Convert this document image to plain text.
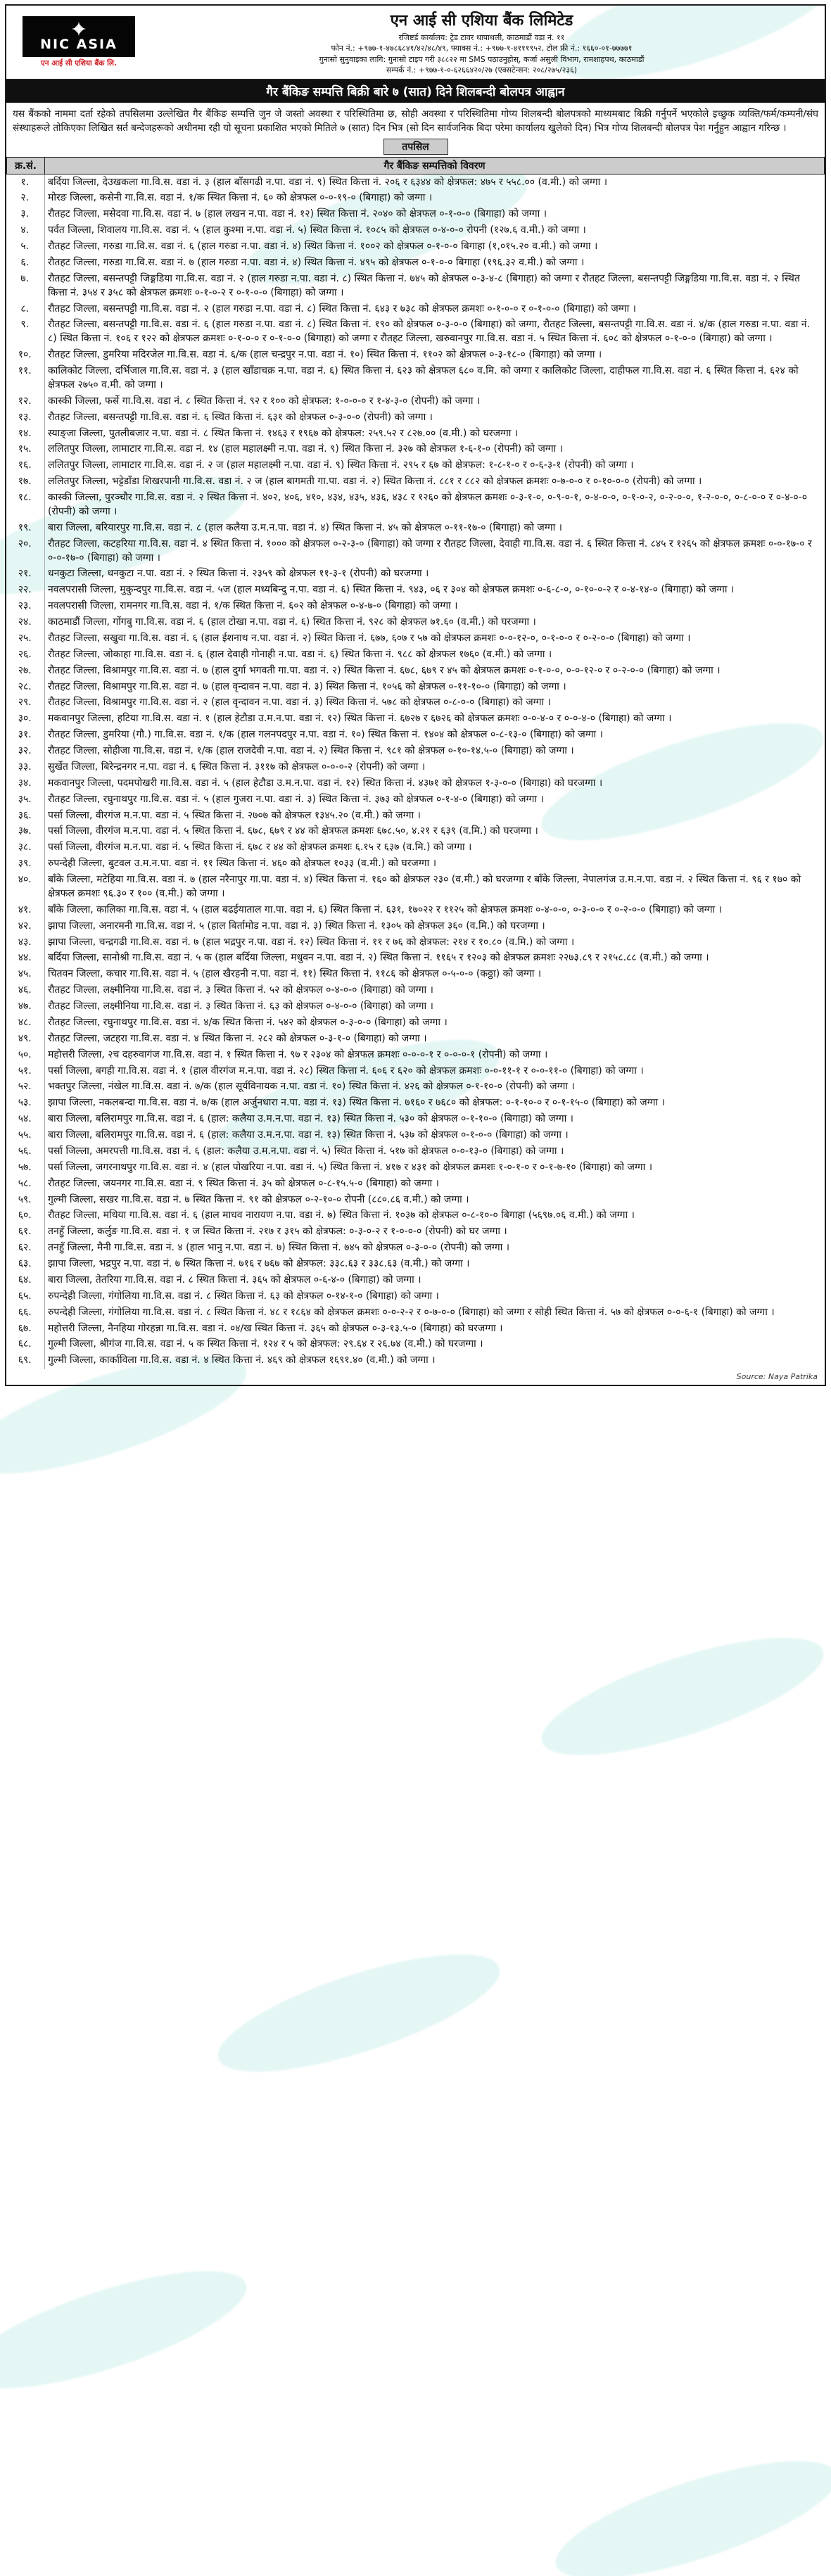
NIC ASIA
एन आई सी एशिया बैंक लि.
एन आई सी एशिया बैंक लिमिटेड
रजिष्टर्ड कार्यालय: ट्रेड टावर थापाथली, काठमाडौं वडा नं. ११
फोन नं.: +९७७-१-४७८६८४१/४२/४८/४९, फ्याक्स नं.: +९७७-१-४१११९५२, टोल फ्री नं.: १६६०-०१-७७७७१
गुनासो सुनुवाइका लागि: गुनासो टाइप गरी ३८८२२ मा SMS पठाउनुहोस्, कर्जा असुली विभाग, रामशाहपथ, काठमाडौं
सम्पर्क नं.: +९७७-१-०-६२६६४२०/२७ (एक्सटेन्सन: २०८/२७५/२३६)
गैर बैंकिङ सम्पत्ति बिक्री बारे ७ (सात) दिने शिलबन्दी बोलपत्र आह्वान

यस बैंकको नाममा दर्ता रहेको तपसिलमा उल्लेखित गैर बैंकिङ सम्पत्ति जुन जे जस्तो अवस्था र परिस्थितिमा छ, सोही अवस्था र परिस्थितिमा गोप्य शिलबन्दी बोलपत्रको माध्यमबाट बिक्री गर्नुपर्ने भएकोले इच्छुक व्यक्ति/फर्म/कम्पनी/संघ संस्थाहरूले तोकिएका लिखित सर्त बन्देजहरूको अधीनमा रही यो सूचना प्रकाशित भएको मितिले ७ (सात) दिन भित्र (सो दिन सार्वजनिक बिदा परेमा कार्यालय खुलेको दिन) भित्र गोप्य शिलबन्दी बोलपत्र पेश गर्नुहुन आह्वान गरिन्छ ।

तपसिल
क्र.सं.	गैर बैंकिङ सम्पत्तिको विवरण
१.	बर्दिया जिल्ला, देउखकला गा.वि.स. वडा नं. ३ (हाल बाँसगढी न.पा. वडा नं. ९) स्थित कित्ता नं. २०६ र ६३४४ को क्षेत्रफल: ४७५ र ५५८.०० (व.मी.) को जग्गा ।
२.	मोरङ जिल्ला, कसेनी गा.वि.स. वडा नं. १/क स्थित कित्ता नं. ६० को क्षेत्रफल ०-०-१९-० (बिगाहा) को जग्गा ।
३.	रौतहट जिल्ला, मसेदवा गा.वि.स. वडा नं. ७ (हाल लखन न.पा. वडा नं. १२) स्थित कित्ता नं. २०४० को क्षेत्रफल ०-१-०-० (बिगाहा) को जग्गा ।
४.	पर्वत जिल्ला, शिवालय गा.वि.स. वडा नं. ५ (हाल कुश्मा न.पा. वडा नं. ५) स्थित कित्ता नं. १०८५ को क्षेत्रफल ०-४-०-० रोपनी (१२७.६ व.मी.) को जग्गा ।
५.	रौतहट जिल्ला, गरुडा गा.वि.स. वडा नं. ६ (हाल गरुडा न.पा. वडा नं. ४) स्थित कित्ता नं. १००२ को क्षेत्रफल ०-१-०-० बिगाहा (१,०१५.२० व.मी.) को जग्गा ।
६.	रौतहट जिल्ला, गरुडा गा.वि.स. वडा नं. ७ (हाल गरुडा न.पा. वडा नं. ४) स्थित कित्ता नं. ४९५ को क्षेत्रफल ०-१-०-० बिगाहा (१९६.३२ व.मी.) को जग्गा ।
७.	रौतहट जिल्ला, बसन्तपट्टी जिङ्गडिया गा.वि.स. वडा नं. २ (हाल गरुडा न.पा. वडा नं. ८) स्थित कित्ता नं. ७४५ को क्षेत्रफल ०-३-४-८ (बिगाहा) को जग्गा र रौतहट जिल्ला, बसन्तपट्टी जिङ्गडिया गा.वि.स. वडा नं. २ स्थित कित्ता नं. ३५४ र ३५८ को क्षेत्रफल क्रमशः ०-१-०-२ र ०-१-०-० (बिगाहा) को जग्गा ।
८.	रौतहट जिल्ला, बसन्तपट्टी गा.वि.स. वडा नं. २ (हाल गरुडा न.पा. वडा नं. ८) स्थित कित्ता नं. ६४३ र ७३८ को क्षेत्रफल क्रमशः ०-१-०-० र ०-१-०-० (बिगाहा) को जग्गा ।
९.	रौतहट जिल्ला, बसन्तपट्टी गा.वि.स. वडा नं. ६ (हाल गरुडा न.पा. वडा नं. ८) स्थित कित्ता नं. १९० को क्षेत्रफल ०-३-०-० (बिगाहा) को जग्गा, रौतहट जिल्ला, बसन्तपट्टी गा.वि.स. वडा नं. ४/क (हाल गरुडा न.पा. वडा नं. ८) स्थित कित्ता नं. १०६ र १२२ को क्षेत्रफल क्रमशः ०-१-०-० र ०-१-०-० (बिगाहा) को जग्गा र रौतहट जिल्ला, खरुवानपुर गा.वि.स. वडा नं. ५ स्थित कित्ता नं. ६०८ को क्षेत्रफल ०-१-०-० (बिगाहा) को जग्गा ।
१०.	रौतहट जिल्ला, डुमरिया मदिरजेल गा.वि.स. वडा नं. ६/क (हाल चन्द्रपुर न.पा. वडा नं. १०) स्थित कित्ता नं. ११०२ को क्षेत्रफल ०-३-१८-० (बिगाहा) को जग्गा ।
११.	कालिकोट जिल्ला, दर्भिजाल गा.वि.स. वडा नं. ३ (हाल खाँडाचक्र न.पा. वडा नं. ६) स्थित कित्ता नं. ६२३ को क्षेत्रफल ६८० व.मि. को जग्गा र कालिकोट जिल्ला, दाहीफल गा.वि.स. वडा नं. ६ स्थित कित्ता नं. ६२४ को क्षेत्रफल २७५० व.मी. को जग्गा ।
१२.	कास्की जिल्ला, फर्से गा.वि.स. वडा नं. ८ स्थित कित्ता नं. ९२ र १०० को क्षेत्रफल: १-०-०-० र १-४-३-० (रोपनी) को जग्गा ।
१३.	रौतहट जिल्ला, बसन्तपट्टी गा.वि.स. वडा नं. ६ स्थित कित्ता नं. ६३१ को क्षेत्रफल ०-३-०-० (रोपनी) को जग्गा ।
१४.	स्याङ्जा जिल्ला, पुतलीबजार न.पा. वडा नं. ८ स्थित कित्ता नं. १४६३ र १९६७ को क्षेत्रफल: २५९.५२ र ८२७.०० (व.मी.) को घरजग्गा ।
१५.	ललितपुर जिल्ला, लामाटार गा.वि.स. वडा नं. १४ (हाल महालक्ष्मी न.पा. वडा नं. ९) स्थित कित्ता नं. ३२७ को क्षेत्रफल १-६-१-० (रोपनी) को जग्गा ।
१६.	ललितपुर जिल्ला, लामाटार गा.वि.स. वडा नं. २ ज (हाल महालक्ष्मी न.पा. वडा नं. ९) स्थित कित्ता नं. २९५ र ६७ को क्षेत्रफल: १-८-१-० र ०-६-३-१ (रोपनी) को जग्गा ।
१७.	ललितपुर जिल्ला, भट्टेडाँडा शिखरपानी गा.वि.स. वडा नं. २ ज (हाल बागमती गा.पा. वडा नं. २) स्थित कित्ता नं. ८८१ र ८८२ को क्षेत्रफल क्रमशः ०-७-०-० र ०-१०-०-० (रोपनी) को जग्गा ।
१८.	कास्की जिल्ला, पुरञ्चौर गा.वि.स. वडा नं. २ स्थित कित्ता नं. ४०२, ४०६, ४१०, ४३४, ४३५, ४३६, ४३८ र १२६० को क्षेत्रफल क्रमशः ०-३-१-०, ०-९-०-१, ०-४-०-०, ०-१-०-२, ०-२-०-०, १-२-०-०, ०-८-०-० र ०-४-०-० (रोपनी) को जग्गा ।
१९.	बारा जिल्ला, बरियारपुर गा.वि.स. वडा नं. ८ (हाल कलैया उ.म.न.पा. वडा नं. ४) स्थित कित्ता नं. ४५ को क्षेत्रफल ०-११-१७-० (बिगाहा) को जग्गा ।
२०.	रौतहट जिल्ला, कटहरिया गा.वि.स. वडा नं. ४ स्थित कित्ता नं. १००० को क्षेत्रफल ०-२-३-० (बिगाहा) को जग्गा र रौतहट जिल्ला, देवाही गा.वि.स. वडा नं. ६ स्थित कित्ता नं. ८४५ र १२६५ को क्षेत्रफल क्रमशः ०-०-१७-० र ०-०-१७-० (बिगाहा) को जग्गा ।
२१.	धनकुटा जिल्ला, धनकुटा न.पा. वडा नं. २ स्थित कित्ता नं. २३५९ को क्षेत्रफल ११-३-१ (रोपनी) को घरजग्गा ।
२२.	नवलपरासी जिल्ला, मुकुन्दपुर गा.वि.स. वडा नं. ५ज (हाल मध्यबिन्दु न.पा. वडा नं. ६) स्थित कित्ता नं. ९४३, ०६ र ३०४ को क्षेत्रफल क्रमशः ०-६-८-०, ०-१०-०-२ र ०-४-१४-० (बिगाहा) को जग्गा ।
२३.	नवलपरासी जिल्ला, रामनगर गा.वि.स. वडा नं. १/क स्थित कित्ता नं. ६०२ को क्षेत्रफल ०-४-७-० (बिगाहा) को जग्गा ।
२४.	काठमाडौं जिल्ला, गोंगबु गा.वि.स. वडा नं. ६ (हाल टोखा न.पा. वडा नं. ६) स्थित कित्ता नं. ९२८ को क्षेत्रफल ७१.६० (व.मी.) को घरजग्गा ।
२५.	रौतहट जिल्ला, सखुवा गा.वि.स. वडा नं. ६ (हाल ईशनाथ न.पा. वडा नं. २) स्थित कित्ता नं. ६७७, ६०७ र ५७ को क्षेत्रफल क्रमशः ०-०-१२-०, ०-१-०-० र ०-२-०-० (बिगाहा) को जग्गा ।
२६.	रौतहट जिल्ला, जोकाहा गा.वि.स. वडा नं. ६ (हाल देवाही गोनाही न.पा. वडा नं. ६) स्थित कित्ता नं. ९८८ को क्षेत्रफल १७६० (व.मी.) को जग्गा ।
२७.	रौतहट जिल्ला, विश्रामपुर गा.वि.स. वडा नं. ७ (हाल दुर्गा भगवती गा.पा. वडा नं. २) स्थित कित्ता नं. ६७८, ६७९ र ४५ को क्षेत्रफल क्रमशः ०-१-०-०, ०-०-१२-० र ०-२-०-० (बिगाहा) को जग्गा ।
२८.	रौतहट जिल्ला, विश्रामपुर गा.वि.स. वडा नं. ७ (हाल वृन्दावन न.पा. वडा नं. ३) स्थित कित्ता नं. १०५६ को क्षेत्रफल ०-११-१०-० (बिगाहा) को जग्गा ।
२९.	रौतहट जिल्ला, विश्रामपुर गा.वि.स. वडा नं. २ (हाल वृन्दावन न.पा. वडा नं. ३) स्थित कित्ता नं. ५७८ को क्षेत्रफल ०-८-०-० (बिगाहा) को जग्गा ।
३०.	मकवानपुर जिल्ला, हटिया गा.वि.स. वडा नं. १ (हाल हेटौडा उ.म.न.पा. वडा नं. १२) स्थित कित्ता नं. ६७२७ र ६७२६ को क्षेत्रफल क्रमशः ०-०-४-० र ०-०-४-० (बिगाहा) को जग्गा ।
३१.	रौतहट जिल्ला, डुमरिया (गौ.) गा.वि.स. वडा नं. १/क (हाल गलनपदपुर न.पा. वडा नं. १०) स्थित कित्ता नं. १४०४ को क्षेत्रफल ०-८-१३-० (बिगाहा) को जग्गा ।
३२.	रौतहट जिल्ला, सोहीजा गा.वि.स. वडा नं. १/क (हाल राजदेवी न.पा. वडा नं. २) स्थित कित्ता नं. ९८१ को क्षेत्रफल ०-१०-१४.५-० (बिगाहा) को जग्गा ।
३३.	सुर्खेत जिल्ला, बिरेन्द्रनगर न.पा. वडा नं. ६ स्थित कित्ता नं. ३११७ को क्षेत्रफल ०-०-०-२ (रोपनी) को जग्गा ।
३४.	मकवानपुर जिल्ला, पदमपोखरी गा.वि.स. वडा नं. ५ (हाल हेटौडा उ.म.न.पा. वडा नं. १२) स्थित कित्ता नं. ४३७१ को क्षेत्रफल १-३-०-० (बिगाहा) को घरजग्गा ।
३५.	रौतहट जिल्ला, रघुनाथपुर गा.वि.स. वडा नं. ५ (हाल गुजरा न.पा. वडा नं. ३) स्थित कित्ता नं. ३७३ को क्षेत्रफल ०-१-४-० (बिगाहा) को जग्गा ।
३६.	पर्सा जिल्ला, वीरगंज म.न.पा. वडा नं. ५ स्थित कित्ता नं. २७०७ को क्षेत्रफल १३४५.२० (व.मी.) को जग्गा ।
३७.	पर्सा जिल्ला, वीरगंज म.न.पा. वडा नं. ५ स्थित कित्ता नं. ६७८, ६७९ र ४४ को क्षेत्रफल क्रमशः ६७८.५०, ४.२१ र ६३९ (व.मि.) को घरजग्गा ।
३८.	पर्सा जिल्ला, वीरगंज म.न.पा. वडा नं. ५ स्थित कित्ता नं. ६७८ र ४४ को क्षेत्रफल क्रमशः ६.१५ र ६३७ (व.मि.) को जग्गा ।
३९.	रुपन्देही जिल्ला, बुटवल उ.म.न.पा. वडा नं. ११ स्थित कित्ता नं. ४६० को क्षेत्रफल १०३३ (व.मी.) को घरजग्गा ।
४०.	बाँके जिल्ला, मटेहिया गा.वि.स. वडा नं. ७ (हाल नरैनापुर गा.पा. वडा नं. ४) स्थित कित्ता नं. १६० को क्षेत्रफल २३० (व.मी.) को घरजग्गा र बाँके जिल्ला, नेपालगंज उ.म.न.पा. वडा नं. २ स्थित कित्ता नं. ९६ र १७० को क्षेत्रफल क्रमशः ९६.३० र १०० (व.मी.) को जग्गा ।
४१.	बाँके जिल्ला, कालिका गा.वि.स. वडा नं. ५ (हाल बढईयाताल गा.पा. वडा नं. ६) स्थित कित्ता नं. ६३१, १७०२२ र ११२५ को क्षेत्रफल क्रमशः ०-४-०-०, ०-३-०-० र ०-२-०-० (बिगाहा) को जग्गा ।
४२.	झापा जिल्ला, अनारमनी गा.वि.स. वडा नं. ५ (हाल बिर्तामोड न.पा. वडा नं. ३) स्थित कित्ता नं. १३०५ को क्षेत्रफल ३६० (व.मि.) को घरजग्गा ।
४३.	झापा जिल्ला, चन्द्रगढी गा.वि.स. वडा नं. ७ (हाल भद्रपुर न.पा. वडा नं. १२) स्थित कित्ता नं. ११ र ७६ को क्षेत्रफल: २१४ र १०.८० (व.मि.) को जग्गा ।
४४.	बर्दिया जिल्ला, सानोश्री गा.वि.स. वडा नं. ५ क (हाल बर्दिया जिल्ला, मधुवन न.पा. वडा नं. २) स्थित कित्ता नं. ११६५ र १२०३ को क्षेत्रफल क्रमशः २२७३.८९ र २१५८.८८ (व.मी.) को जग्गा ।
४५.	चितवन जिल्ला, कचार गा.वि.स. वडा नं. ५ (हाल खैरहनी न.पा. वडा नं. ११) स्थित कित्ता नं. ११८६ को क्षेत्रफल ०-५-०-० (कठ्ठा) को जग्गा ।
४६.	रौतहट जिल्ला, लक्ष्मीनिया गा.वि.स. वडा नं. ३ स्थित कित्ता नं. ५२ को क्षेत्रफल ०-४-०-० (बिगाहा) को जग्गा ।
४७.	रौतहट जिल्ला, लक्ष्मीनिया गा.वि.स. वडा नं. ३ स्थित कित्ता नं. ६३ को क्षेत्रफल ०-४-०-० (बिगाहा) को जग्गा ।
४८.	रौतहट जिल्ला, रघुनाथपुर गा.वि.स. वडा नं. ४/क स्थित कित्ता नं. ५४२ को क्षेत्रफल ०-३-०-० (बिगाहा) को जग्गा ।
४९.	रौतहट जिल्ला, जटहरा गा.वि.स. वडा नं. ४ स्थित कित्ता नं. २८२ को क्षेत्रफल ०-३-१-० (बिगाहा) को जग्गा ।
५०.	महोत्तरी जिल्ला, २च दहरुवागंज गा.वि.स. वडा नं. १ स्थित कित्ता नं. ९७ र २३०४ को क्षेत्रफल क्रमशः ०-०-०-१ र ०-०-०-१ (रोपनी) को जग्गा ।
५१.	पर्सा जिल्ला, बगही गा.वि.स. वडा नं. १ (हाल वीरगंज म.न.पा. वडा नं. २८) स्थित कित्ता नं. ६०६ र ६२० को क्षेत्रफल क्रमशः ०-०-११-१ र ०-०-११-० (बिगाहा) को जग्गा ।
५२.	भक्तपुर जिल्ला, नंखेल गा.वि.स. वडा नं. ७/क (हाल सूर्यविनायक न.पा. वडा नं. १०) स्थित कित्ता नं. ४२६ को क्षेत्रफल ०-१-१०-० (रोपनी) को जग्गा ।
५३.	झापा जिल्ला, नकलबन्दा गा.वि.स. वडा नं. ७/क (हाल अर्जुनधारा न.पा. वडा नं. १३) स्थित कित्ता नं. ७१६० र ७६८० को क्षेत्रफल: ०-१-१०-० र ०-१-१५-० (बिगाहा) को जग्गा ।
५४.	बारा जिल्ला, बलिरामपुर गा.वि.स. वडा नं. ६ (हाल: कलैया उ.म.न.पा. वडा नं. १३) स्थित कित्ता नं. ५३० को क्षेत्रफल ०-१-१०-० (बिगाहा) को जग्गा ।
५५.	बारा जिल्ला, बलिरामपुर गा.वि.स. वडा नं. ६ (हाल: कलैया उ.म.न.पा. वडा नं. १३) स्थित कित्ता नं. ५३७ को क्षेत्रफल ०-१-०-० (बिगाहा) को जग्गा ।
५६.	पर्सा जिल्ला, अमरपत्ती गा.वि.स. वडा नं. ६ (हाल: कलैया उ.म.न.पा. वडा नं. ५) स्थित कित्ता नं. ५१७ को क्षेत्रफल ०-०-१३-० (बिगाहा) को जग्गा ।
५७.	पर्सा जिल्ला, जगरनाथपुर गा.वि.स. वडा नं. ४ (हाल पोखरिया न.पा. वडा नं. ५) स्थित कित्ता नं. ४१७ र ४३१ को क्षेत्रफल क्रमशः १-०-१-० र ०-१-७-१० (बिगाहा) को जग्गा ।
५८.	रौतहट जिल्ला, जयनगर गा.वि.स. वडा नं. ९ स्थित कित्ता नं. ३५ को क्षेत्रफल ०-८-१५.५-० (बिगाहा) को जग्गा ।
५९.	गुल्मी जिल्ला, सखर गा.वि.स. वडा नं. ७ स्थित कित्ता नं. ९१ को क्षेत्रफल ०-२-१०-० रोपनी (८८०.८६ व.मी.) को जग्गा ।
६०.	रौतहट जिल्ला, मथिया गा.वि.स. वडा नं. ६ (हाल माधव नारायण न.पा. वडा नं. ७) स्थित कित्ता नं. १०३७ को क्षेत्रफल ०-८-१०-० बिगाहा (५६९७.०६ व.मी.) को जग्गा ।
६१.	तनहुँ जिल्ला, कर्लुङ गा.वि.स. वडा नं. १ ज स्थित कित्ता नं. २१७ र ३१५ को क्षेत्रफल: ०-३-०-२ र १-०-०-० (रोपनी) को घर जग्गा ।
६२.	तनहुँ जिल्ला, मैनी गा.वि.स. वडा नं. ४ (हाल भानु न.पा. वडा नं. ७) स्थित कित्ता नं. ७४५ को क्षेत्रफल ०-३-०-० (रोपनी) को जग्गा ।
६३.	झापा जिल्ला, भद्रपुर न.पा. वडा नं. ७ स्थित कित्ता नं. ७१६ र ७६७ को क्षेत्रफल: ३३८.६३ र ३३८.६३ (व.मी.) को जग्गा ।
६४.	बारा जिल्ला, तेतरिया गा.वि.स. वडा नं. ८ स्थित कित्ता नं. ३६५ को क्षेत्रफल ०-६-४-० (बिगाहा) को जग्गा ।
६५.	रुपन्देही जिल्ला, गंगोलिया गा.वि.स. वडा नं. ८ स्थित कित्ता नं. ६३ को क्षेत्रफल ०-१४-१-० (बिगाहा) को जग्गा ।
६६.	रुपन्देही जिल्ला, गंगोलिया गा.वि.स. वडा नं. ८ स्थित कित्ता नं. ४८ र १८६४ को क्षेत्रफल क्रमशः ०-०-२-२ र ०-७-०-० (बिगाहा) को जग्गा र सोही स्थित कित्ता नं. ५७ को क्षेत्रफल ०-०-६-१ (बिगाहा) को जग्गा ।
६७.	महोत्तरी जिल्ला, नैनहिया गोरहन्ना गा.वि.स. वडा नं. ०४/ख स्थित कित्ता नं. ३६५ को क्षेत्रफल ०-३-१३.५-० (बिगाहा) को घरजग्गा ।
६८.	गुल्मी जिल्ला, श्रीगंज गा.वि.स. वडा नं. ५ क स्थित कित्ता नं. १२४ र ५ को क्षेत्रफल: २९.६४ र २६.७४ (व.मी.) को घरजग्गा ।
६९.	गुल्मी जिल्ला, कार्काविला गा.वि.स. वडा नं. ४ स्थित कित्ता नं. ४६९ को क्षेत्रफल १६९१.४० (व.मी.) को जग्गा ।
Source: Naya Patrika
